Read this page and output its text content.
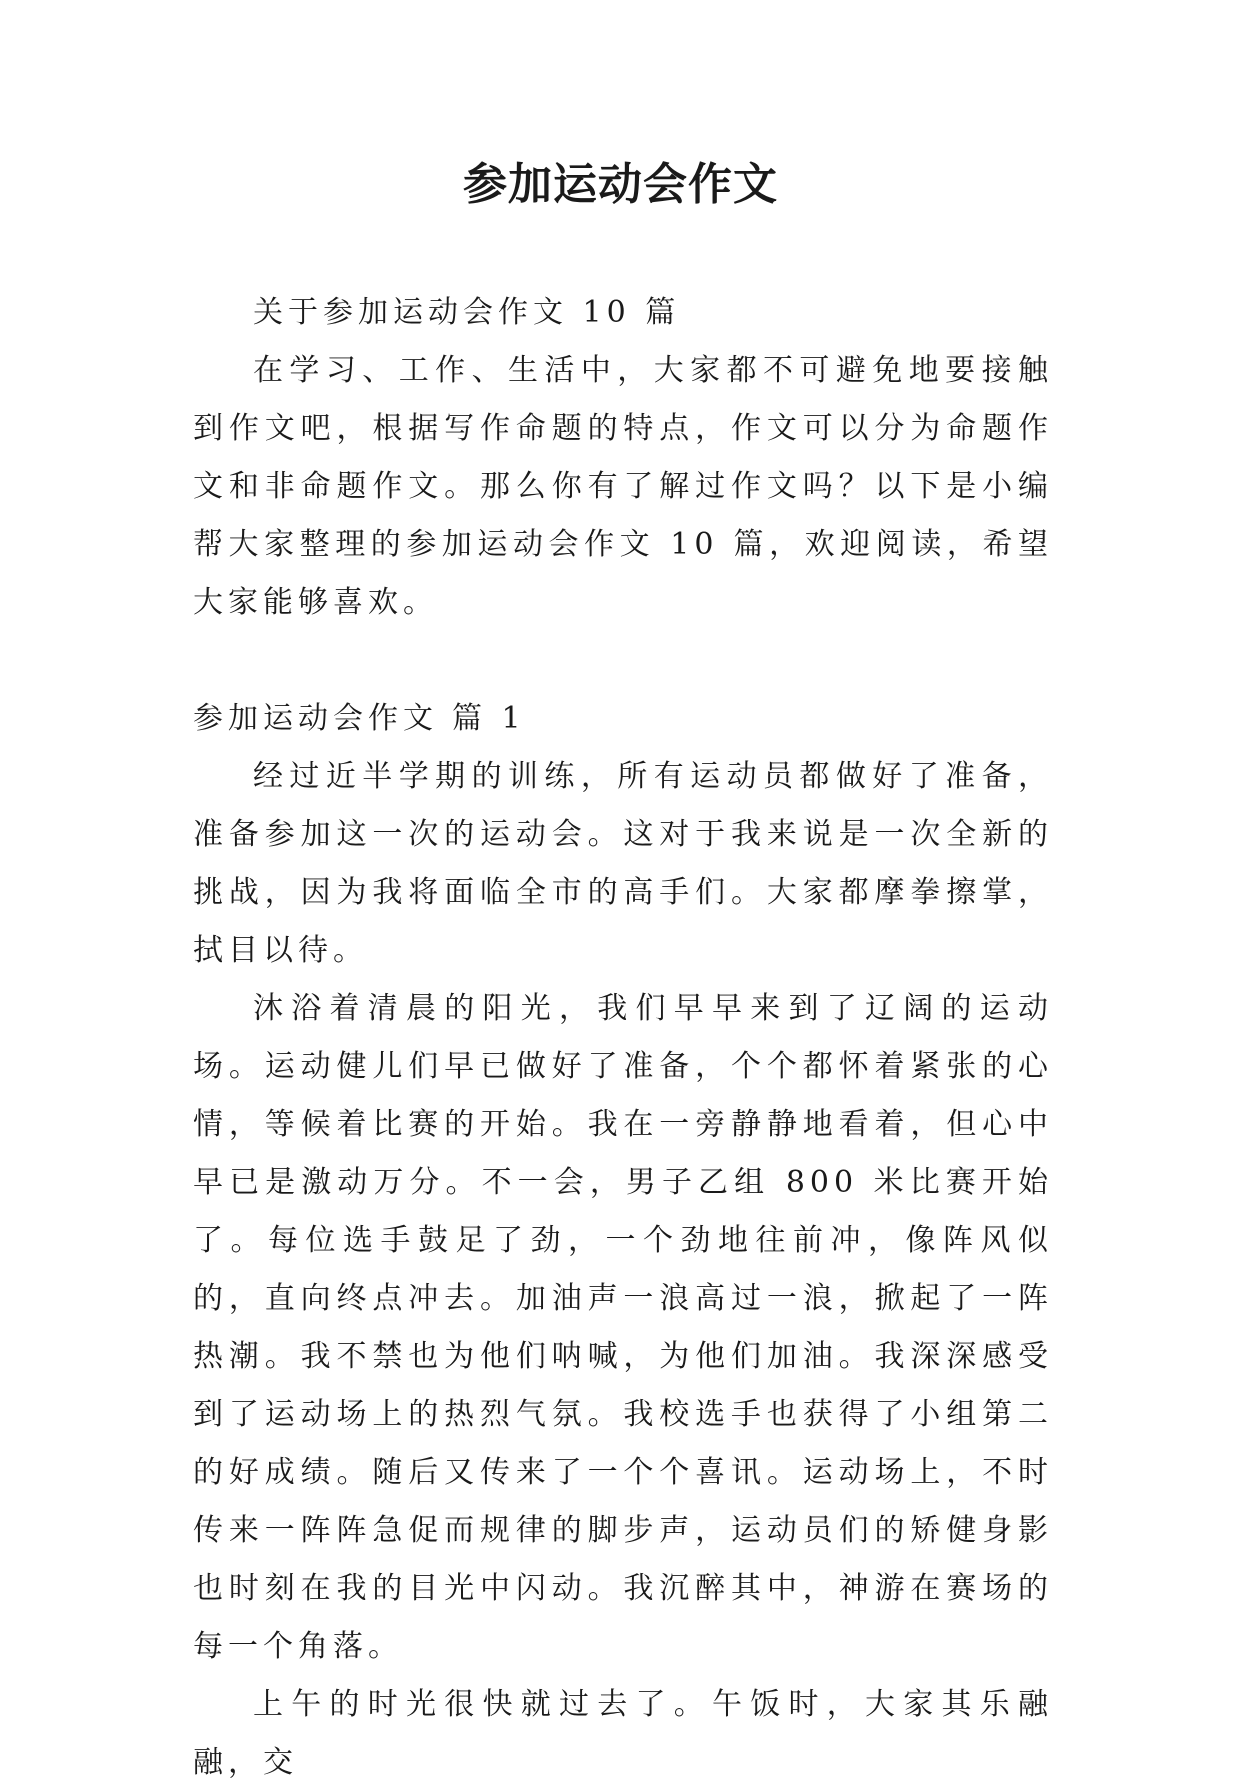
参加运动会作文

关于参加运动会作文 10 篇

在学习、工作、生活中，大家都不可避免地要接触到作文吧，根据写作命题的特点，作文可以分为命题作文和非命题作文。那么你有了解过作文吗？以下是小编帮大家整理的参加运动会作文 10 篇，欢迎阅读，希望大家能够喜欢。

参加运动会作文 篇 1

经过近半学期的训练，所有运动员都做好了准备，准备参加这一次的运动会。这对于我来说是一次全新的挑战，因为我将面临全市的高手们。大家都摩拳擦掌，拭目以待。

沐浴着清晨的阳光，我们早早来到了辽阔的运动场。运动健儿们早已做好了准备，个个都怀着紧张的心情，等候着比赛的开始。我在一旁静静地看着，但心中早已是激动万分。不一会，男子乙组 800 米比赛开始了。每位选手鼓足了劲，一个劲地往前冲，像阵风似的，直向终点冲去。加油声一浪高过一浪，掀起了一阵热潮。我不禁也为他们呐喊，为他们加油。我深深感受到了运动场上的热烈气氛。我校选手也获得了小组第二的好成绩。随后又传来了一个个喜讯。运动场上，不时传来一阵阵急促而规律的脚步声，运动员们的矫健身影也时刻在我的目光中闪动。我沉醉其中，神游在赛场的每一个角落。

上午的时光很快就过去了。午饭时，大家其乐融融，交
